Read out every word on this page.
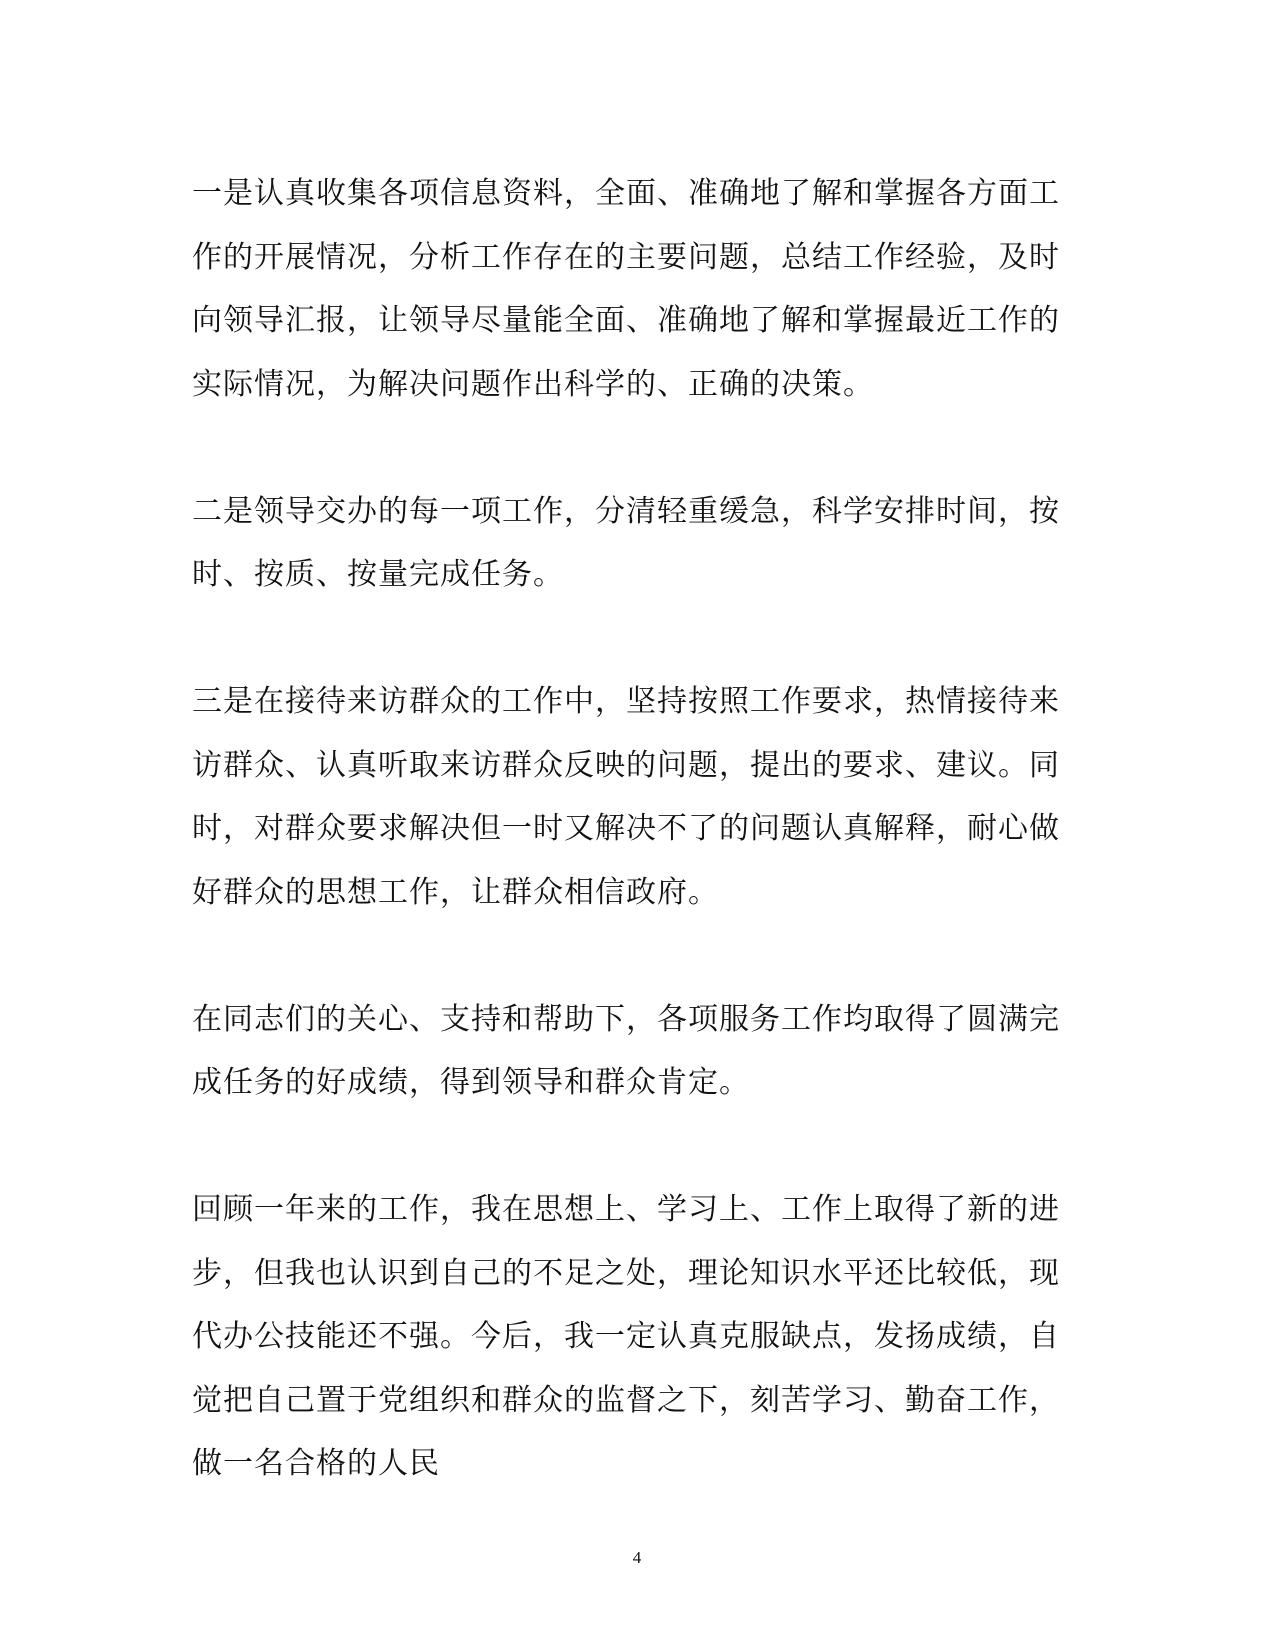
一是认真收集各项信息资料，全面、准确地了解和掌握各方面工作的开展情况，分析工作存在的主要问题，总结工作经验，及时向领导汇报，让领导尽量能全面、准确地了解和掌握最近工作的实际情况，为解决问题作出科学的、正确的决策。

二是领导交办的每一项工作，分清轻重缓急，科学安排时间，按时、按质、按量完成任务。

三是在接待来访群众的工作中，坚持按照工作要求，热情接待来访群众、认真听取来访群众反映的问题，提出的要求、建议。同时，对群众要求解决但一时又解决不了的问题认真解释，耐心做好群众的思想工作，让群众相信政府。

在同志们的关心、支持和帮助下，各项服务工作均取得了圆满完成任务的好成绩，得到领导和群众肯定。

回顾一年来的工作，我在思想上、学习上、工作上取得了新的进步，但我也认识到自己的不足之处，理论知识水平还比较低，现代办公技能还不强。今后，我一定认真克服缺点，发扬成绩，自觉把自己置于党组织和群众的监督之下，刻苦学习、勤奋工作，做一名合格的人民

4
